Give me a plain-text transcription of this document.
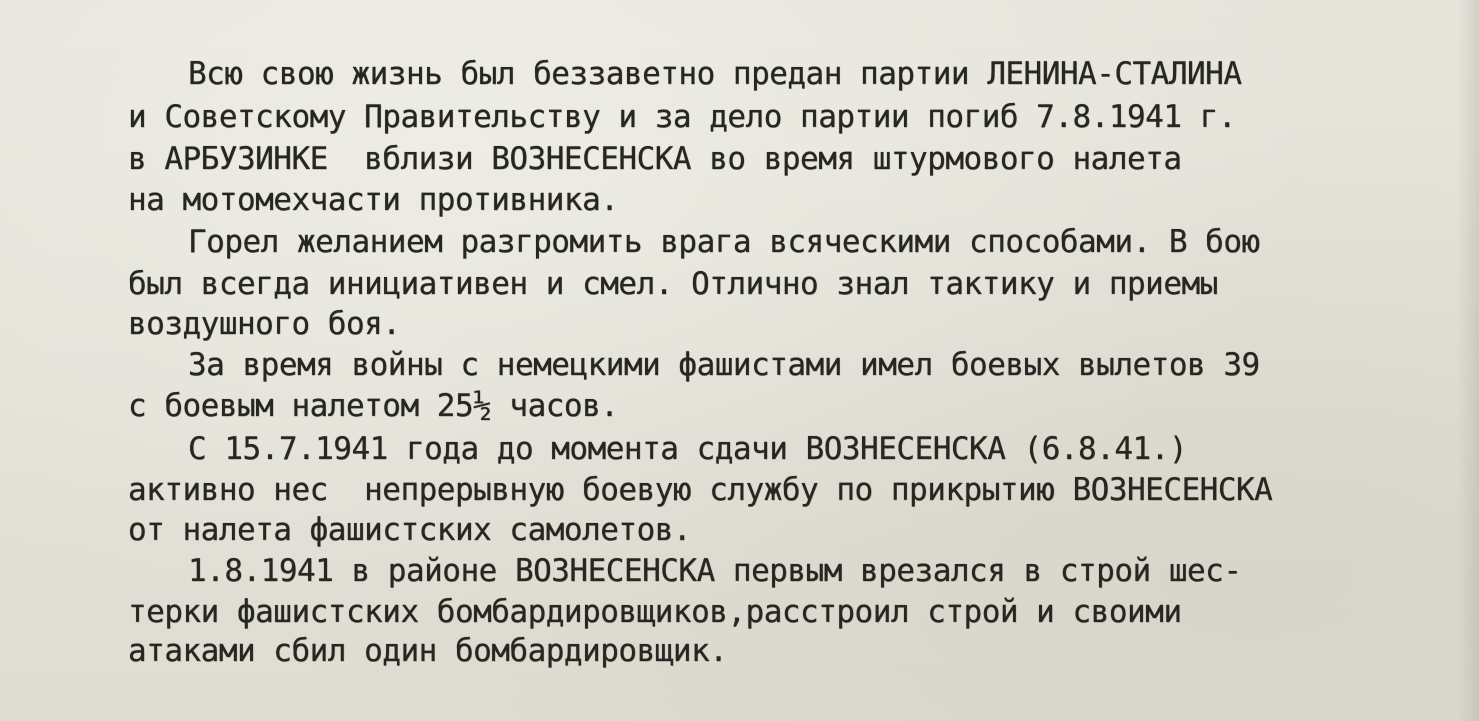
Всю свою жизнь был беззаветно предан партии ЛЕНИНА-СТАЛИНА
и Советскому Правительству и за дело партии погиб 7.8.1941 г.
в АРБУЗИНКЕ  вблизи ВОЗНЕСЕНСКА во время штурмового налета
на мотомехчасти противника.
Горел желанием разгромить врага всяческими способами. В бою
был всегда инициативен и смел. Отлично знал тактику и приемы
воздушного боя.
За время войны с немецкими фашистами имел боевых вылетов 39
с боевым налетом 25½ часов.
С 15.7.1941 года до момента сдачи ВОЗНЕСЕНСКА (6.8.41.)
активно нес  непрерывную боевую службу по прикрытию ВОЗНЕСЕНСКА
от налета фашистских самолетов.
1.8.1941 в районе ВОЗНЕСЕНСКА первым врезался в строй шес-
терки фашистских бомбардировщиков,расстроил строй и своими
атаками сбил один бомбардировщик.
